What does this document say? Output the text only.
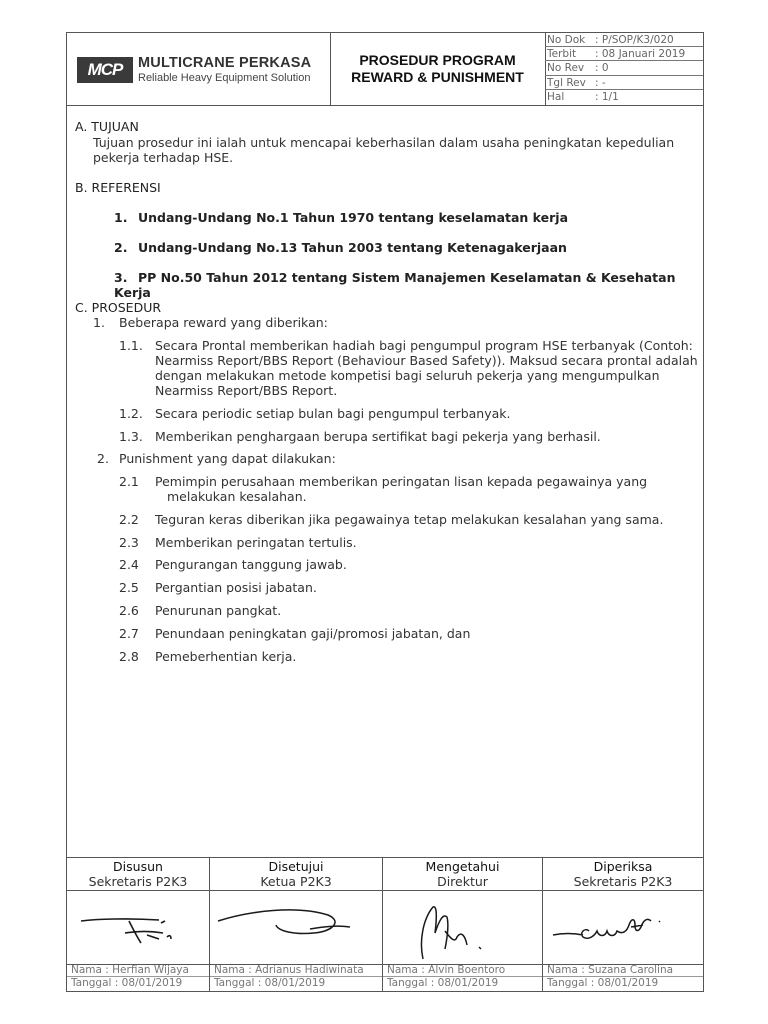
MCP	MULTICRANE PERKASA
Reliable Heavy Equipment Solution
PROSEDUR PROGRAM
REWARD & PUNISHMENT
No Dok : P/SOP/K3/020
Terbit : 08 Januari 2019
No Rev : 0
Tgl Rev : -
Hal	: 1/1
A. TUJUAN
Tujuan prosedur ini ialah untuk mencapai keberhasilan dalam usaha peningkatan kepedulian
pekerja terhadap HSE.
B. REFERENSI
1. Undang-Undang No.1 Tahun 1970 tentang keselamatan kerja
2. Undang-Undang No.13 Tahun 2003 tentang Ketenagakerjaan
3. PP No.50 Tahun 2012 tentang Sistem Manajemen Keselamatan & Kesehatan Kerja
C. PROSEDUR
1. Beberapa reward yang diberikan:
1.1. Secara Prontal memberikan hadiah bagi pengumpul program HSE terbanyak (Contoh:
Nearmiss Report/BBS Report (Behaviour Based Safety)). Maksud secara prontal adalah
dengan melakukan metode kompetisi bagi seluruh pekerja yang mengumpulkan
Nearmiss Report/BBS Report.
1.2. Secara periodic setiap bulan bagi pengumpul terbanyak.
1.3. Memberikan penghargaan berupa sertifikat bagi pekerja yang berhasil.
2. Punishment yang dapat dilakukan:
2.1 Pemimpin perusahaan memberikan peringatan lisan kepada pegawainya yang
melakukan kesalahan.
2.2 Teguran keras diberikan jika pegawainya tetap melakukan kesalahan yang sama.
2.3 Memberikan peringatan tertulis.
2.4 Pengurangan tanggung jawab.
2.5 Pergantian posisi jabatan.
2.6 Penurunan pangkat.
2.7 Penundaan peningkatan gaji/promosi jabatan, dan
2.8 Pemeberhentian kerja.
Disusun
Sekretaris P2K3
Nama : Herfian Wijaya
Tanggal : 08/01/2019
Disetujui
Ketua P2K3
Nama : Adrianus Hadiwinata
Tanggal : 08/01/2019
Mengetahui
Direktur
Nama : Alvin Boentoro
Tanggal : 08/01/2019
Diperiksa
Sekretaris P2K3
Nama : Suzana Carolina
Tanggal : 08/01/2019
